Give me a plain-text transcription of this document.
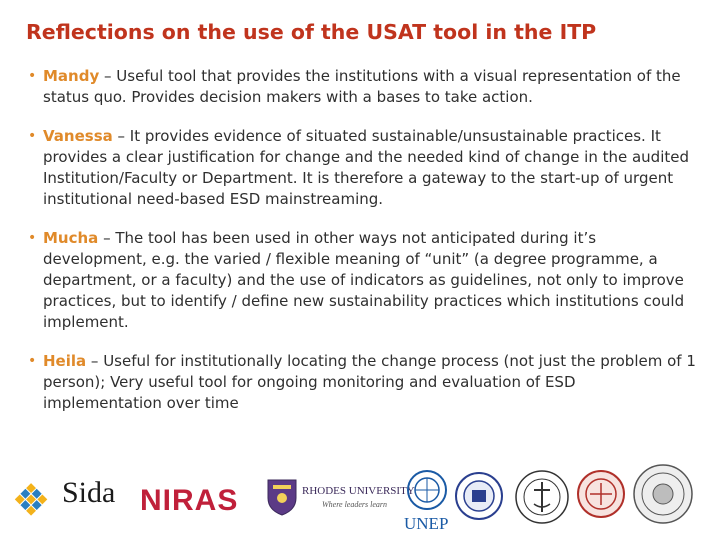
Reflections on the use of the USAT tool in the ITP
• Mandy – Useful tool that provides the institutions with a visual representation of the status quo. Provides decision makers with a bases to take action.
• Vanessa – It provides evidence of situated sustainable/unsustainable practices. It provides a clear justification for change and the needed kind of change in the audited Institution/Faculty or Department. It is therefore a gateway to the start-up of urgent institutional need-based ESD mainstreaming.
• Mucha – The tool has been used in other ways not anticipated during it’s development, e.g. the varied / flexible meaning of “unit” (a degree programme, a department, or a faculty) and the use of indicators as guidelines, not only to improve practices, but to identify / define new sustainability practices which institutions could implement.
• Heila – Useful for institutionally locating the change process (not just the problem of 1 person); Very useful tool for ongoing monitoring and evaluation of ESD implementation over time
Sida NIRAS	RHODES UNIVERSITY
Where leaders learn
UNEP
